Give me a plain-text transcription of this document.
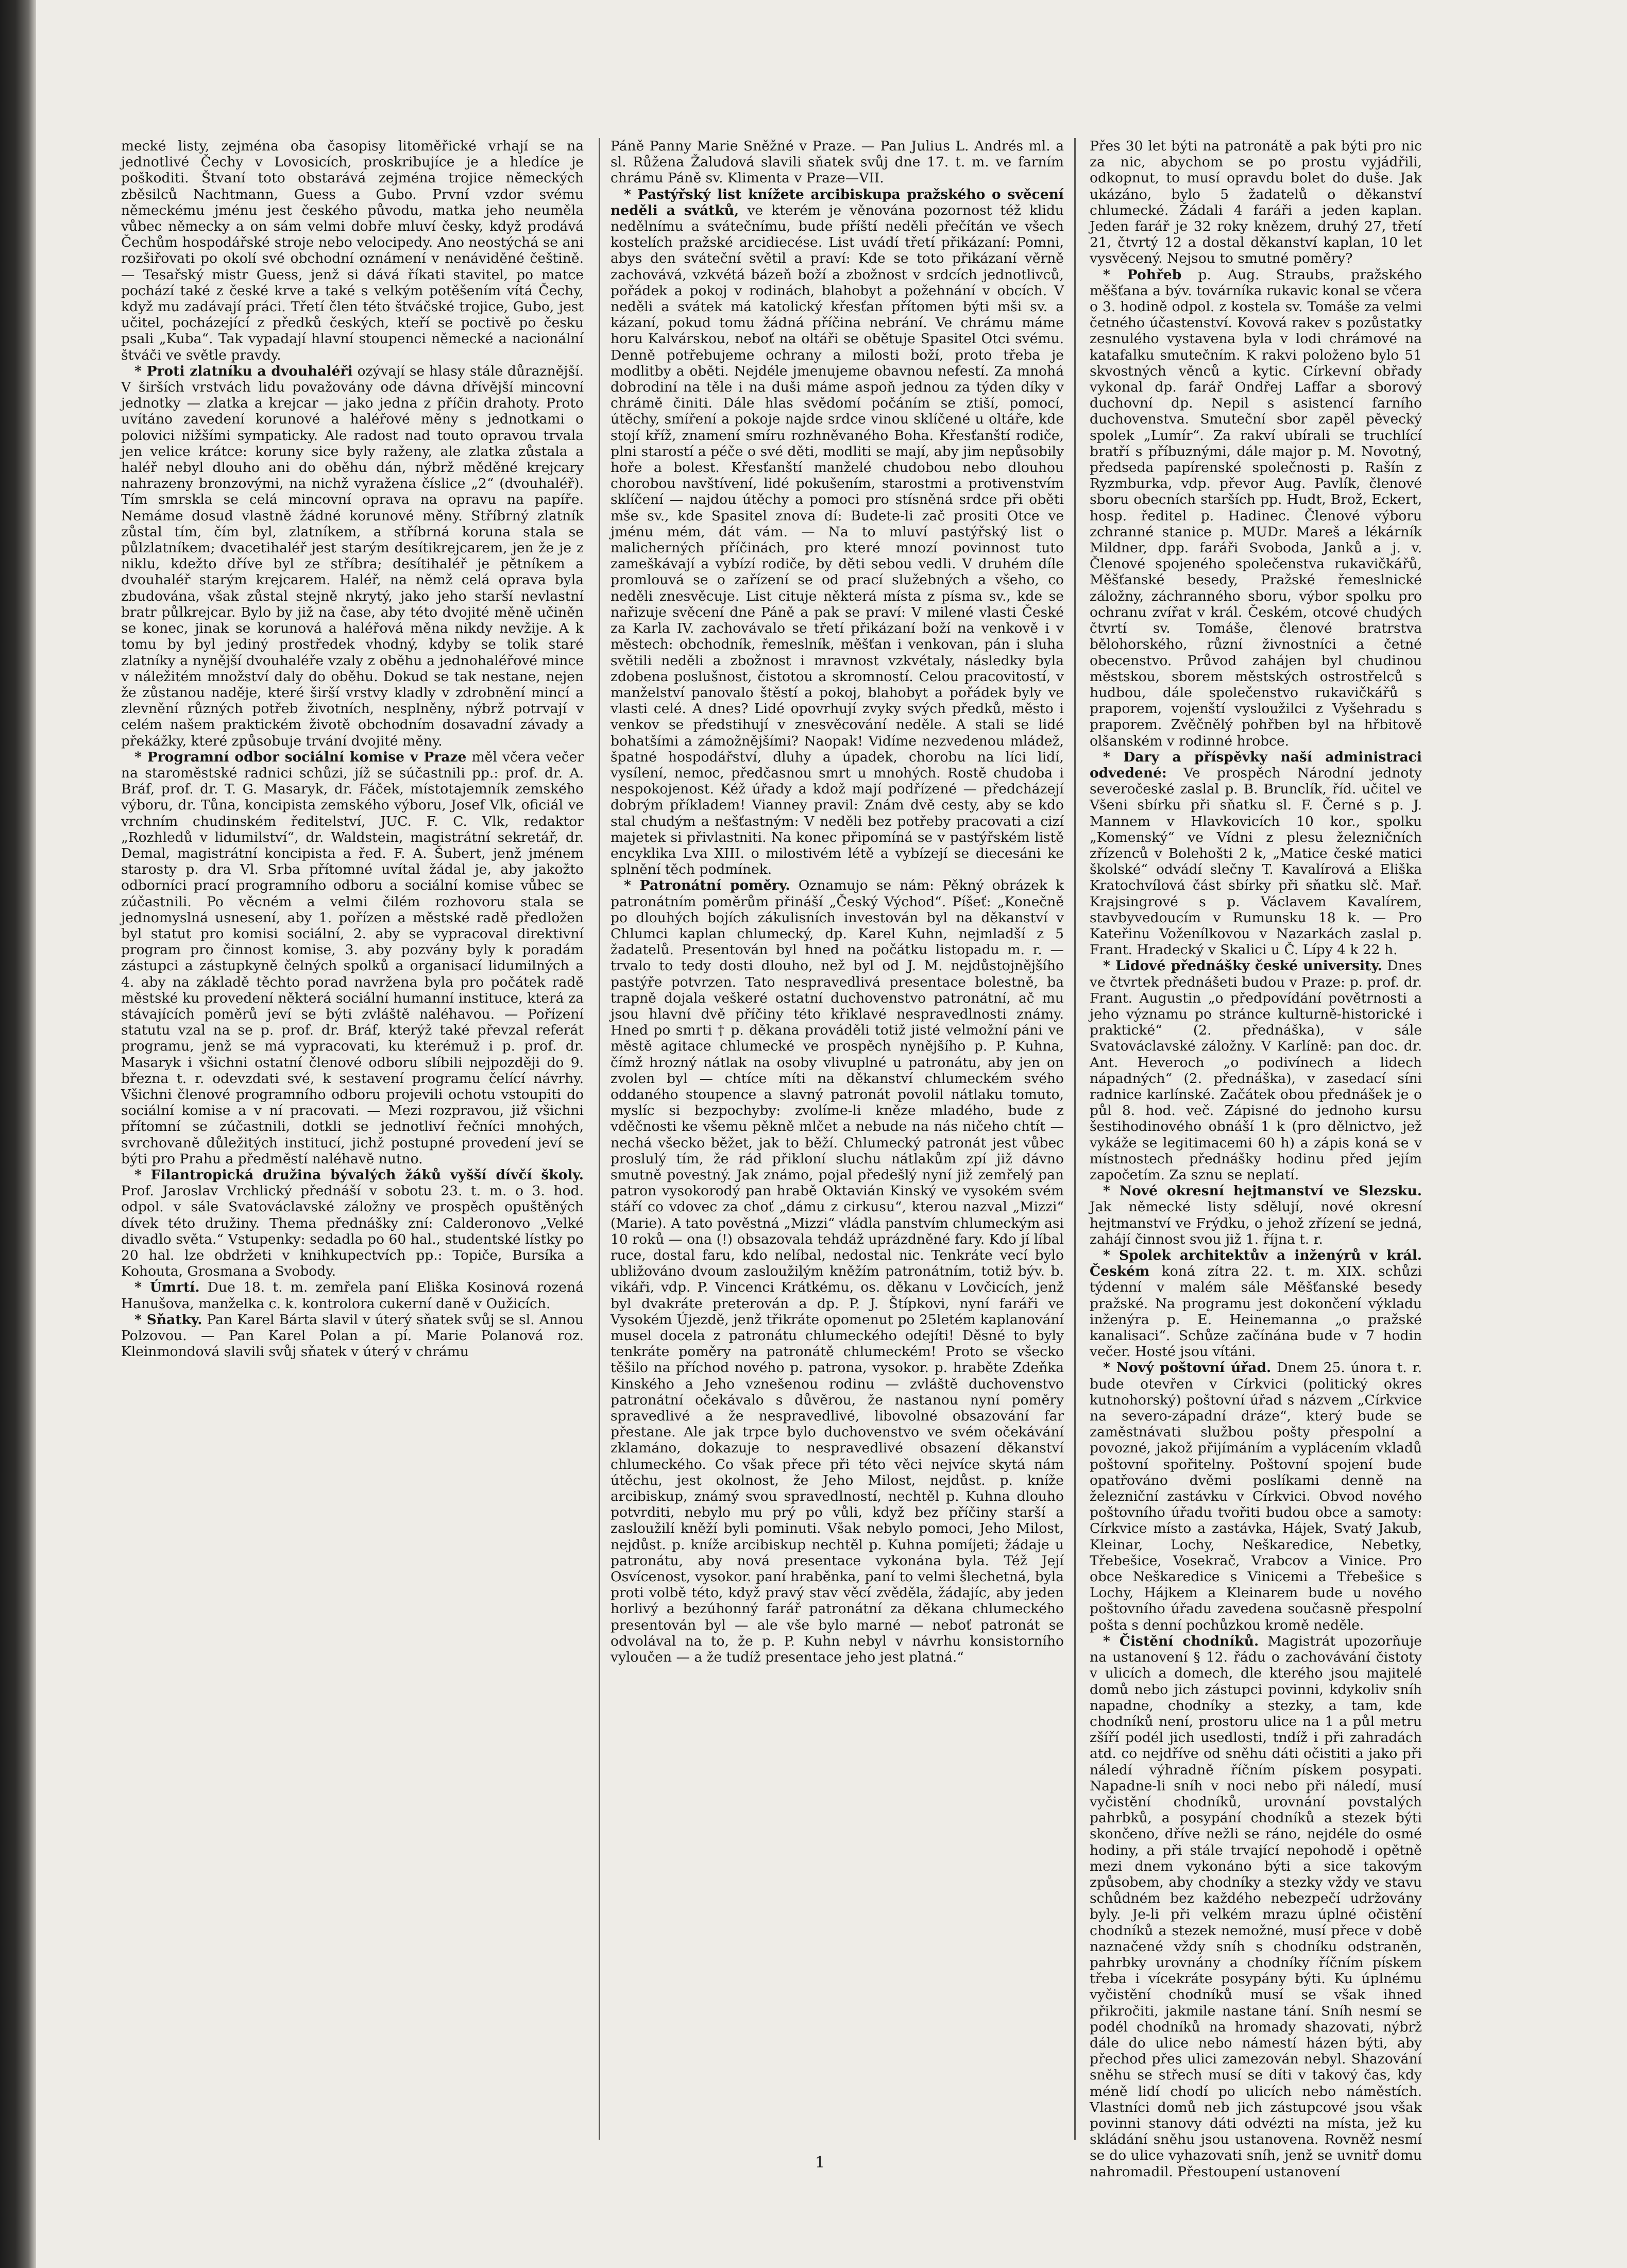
mecké listy, zejména oba časopisy litoměřické vrhají se na jednotlivé Čechy v Lovosicích, proskribujíce je a hledíce je poškoditi. Štvaní toto obstarává zejména trojice německých zběsilců Nachtmann, Guess a Gubo. První vzdor svému německému jménu jest českého původu, matka jeho neuměla vůbec německy a on sám velmi dobře mluví česky, když prodává Čechům hospodářské stroje nebo velocipedy. Ano neostýchá se ani rozšiřovati po okolí své obchodní oznámení v nenáviděné češtině. — Tesařský mistr Guess, jenž si dává říkati stavitel, po matce pochází také z české krve a také s velkým potěšením vítá Čechy, když mu zadávají práci. Třetí člen této štváčské trojice, Gubo, jest učitel, pocházející z předků českých, kteří se poctivě po česku psali „Kuba“. Tak vypadají hlavní stoupenci německé a nacionální štváči ve světle pravdy.

* Proti zlatníku a dvouhaléři ozývají se hlasy stále důraznější. V širších vrstvách lidu považovány ode dávna dřívější mincovní jednotky — zlatka a krejcar — jako jedna z příčin drahoty. Proto uvítáno zavedení korunové a haléřové měny s jednotkami o polovici nižšími sympaticky. Ale radost nad touto opravou trvala jen velice krátce: koruny sice byly raženy, ale zlatka zůstala a haléř nebyl dlouho ani do oběhu dán, nýbrž měděné krejcary nahrazeny bronzovými, na nichž vyražena číslice „2“ (dvouhaléř). Tím smrskla se celá mincovní oprava na opravu na papíře. Nemáme dosud vlastně žádné korunové měny. Stříbrný zlatník zůstal tím, čím byl, zlatníkem, a stříbrná koruna stala se půlzlatníkem; dvacetihaléř jest starým desítikrejcarem, jen že je z niklu, kdežto dříve byl ze stříbra; desítihaléř je pětníkem a dvouhaléř starým krejcarem. Haléř, na němž celá oprava byla zbudována, však zůstal stejně nkrytý, jako jeho starší nevlastní bratr půlkrejcar. Bylo by již na čase, aby této dvojité měně učiněn se konec, jinak se korunová a haléřová měna nikdy nevžije. A k tomu by byl jediný prostředek vhodný, kdyby se tolik staré zlatníky a nynější dvouhaléře vzaly z oběhu a jednohaléřové mince v náležitém množství daly do oběhu. Dokud se tak nestane, nejen že zůstanou naděje, které širší vrstvy kladly v zdrobnění mincí a zlevnění různých potřeb životních, nesplněny, nýbrž potrvají v celém našem praktickém životě obchodním dosavadní závady a překážky, které způsobuje trvání dvojité měny.

* Programní odbor sociální komise v Praze měl včera večer na staroměstské radnici schůzi, jíž se súčastnili pp.: prof. dr. A. Bráf, prof. dr. T. G. Masaryk, dr. Fáček, místotajemník zemského výboru, dr. Tůna, koncipista zemského výboru, Josef Vlk, oficiál ve vrchním chudinském ředitelství, JUC. F. C. Vlk, redaktor „Rozhledů v lidumilství“, dr. Waldstein, magistrátní sekretář, dr. Demal, magistrátní koncipista a řed. F. A. Šubert, jenž jménem starosty p. dra Vl. Srba přítomné uvítal žádal je, aby jakožto odborníci prací programního odboru a sociální komise vůbec se zúčastnili. Po věcném a velmi čilém rozhovoru stala se jednomyslná usnesení, aby 1. pořízen a městské radě předložen byl statut pro komisi sociální, 2. aby se vypracoval direktivní program pro činnost komise, 3. aby pozvány byly k poradám zástupci a zástupkyně čelných spolků a organisací lidumilných a 4. aby na základě těchto porad navržena byla pro počátek radě městské ku provedení některá sociální humanní instituce, která za stávajících poměrů jeví se býti zvláště naléhavou. — Pořízení statutu vzal na se p. prof. dr. Bráf, kterýž také převzal referát programu, jenž se má vypracovati, ku kterémuž i p. prof. dr. Masaryk i všichni ostatní členové odboru slíbili nejpozději do 9. března t. r. odevzdati své, k sestavení programu čelící návrhy. Všichni členové programního odboru projevili ochotu vstoupiti do sociální komise a v ní pracovati. — Mezi rozpravou, již všichni přítomní se zúčastnili, dotkli se jednotliví řečníci mnohých, svrchovaně důležitých institucí, jichž postupné provedení jeví se býti pro Prahu a předměstí naléhavě nutno.

* Filantropická družina bývalých žáků vyšší dívčí školy. Prof. Jaroslav Vrchlický přednáší v sobotu 23. t. m. o 3. hod. odpol. v sále Svatováclavské záložny ve prospěch opuštěných dívek této družiny. Thema přednášky zní: Calderonovo „Velké divadlo světa.“ Vstupenky: sedadla po 60 hal., studentské lístky po 20 hal. lze obdržeti v knihkupectvích pp.: Topiče, Bursíka a Kohouta, Grosmana a Svobody.

* Úmrtí. Due 18. t. m. zemřela paní Eliška Kosinová rozená Hanušova, manželka c. k. kontrolora cukerní daně v Oužicích.

* Sňatky. Pan Karel Bárta slavil v úterý sňatek svůj se sl. Annou Polzovou. — Pan Karel Polan a pí. Marie Polanová roz. Kleinmondová slavili svůj sňatek v úterý v chrámu

Páně Panny Marie Sněžné v Praze. — Pan Julius L. Andrés ml. a sl. Růžena Žaludová slavili sňatek svůj dne 17. t. m. ve farním chrámu Páně sv. Klimenta v Praze—VII.

* Pastýřský list knížete arcibiskupa pražského o svěcení neděli a svátků, ve kterém je věnována pozornost též klidu nedělnímu a svátečnímu, bude příští neděli přečítán ve všech kostelích pražské arcidiecése. List uvádí třetí přikázaní: Pomni, abys den sváteční světil a praví: Kde se toto přikázaní věrně zachovává, vzkvétá bázeň boží a zbožnost v srdcích jednotlivců, pořádek a pokoj v rodinách, blahobyt a požehnání v obcích. V neděli a svátek má katolický křesťan přítomen býti mši sv. a kázaní, pokud tomu žádná příčina nebrání. Ve chrámu máme horu Kalvárskou, neboť na oltáři se obětuje Spasitel Otci svému. Denně potřebujeme ochrany a milosti boží, proto třeba je modlitby a oběti. Nejdéle jmenujeme obavnou nefestí. Za mnohá dobrodiní na těle i na duši máme aspoň jednou za týden díky v chrámě činiti. Dále hlas svědomí počáním se ztiší, pomocí, útěchy, smíření a pokoje najde srdce vinou sklíčené u oltáře, kde stojí kříž, znamení smíru rozhněvaného Boha. Křesťanští rodiče, plni starostí a péče o své děti, modliti se mají, aby jim nepůsobily hoře a bolest. Křesťanští manželé chudobou nebo dlouhou chorobou navštívení, lidé pokušením, starostmi a protivenstvím sklíčení — najdou útěchy a pomoci pro stísněná srdce při oběti mše sv., kde Spasitel znova dí: Budete-li zač prositi Otce ve jménu mém, dát vám. — Na to mluví pastýřský list o malicherných příčinách, pro které mnozí povinnost tuto zameškávají a vybízí rodiče, by děti sebou vedli. V druhém díle promlouvá se o zařízení se od prací služebných a všeho, co neděli znesvěcuje. List cituje některá místa z písma sv., kde se nařizuje svěcení dne Páně a pak se praví: V milené vlasti České za Karla IV. zachovávalo se třetí přikázaní boží na venkově i v městech: obchodník, řemeslník, měšťan i venkovan, pán i sluha světili neděli a zbožnost i mravnost vzkvétaly, následky byla zdobena poslušnost, čistotou a skromností. Celou pracovitostí, v manželství panovalo štěstí a pokoj, blahobyt a pořádek byly ve vlasti celé. A dnes? Lidé opovrhují zvyky svých předků, město i venkov se předstihují v znesvěcování neděle. A stali se lidé bohatšími a zámožnějšími? Naopak! Vidíme nezvedenou mládež, špatné hospodářství, dluhy a úpadek, chorobu na líci lidí, vysílení, nemoc, předčasnou smrt u mnohých. Rostě chudoba i nespokojenost. Kéž úřady a kdož mají podřízené — předcházejí dobrým příkladem! Vianney pravil: Znám dvě cesty, aby se kdo stal chudým a nešťastným: V neděli bez potřeby pracovati a cizí majetek si přivlastniti. Na konec připomíná se v pastýřském listě encyklika Lva XIII. o milostivém létě a vybízejí se diecesáni ke splnění těch podmínek.

* Patronátní poměry. Oznamujo se nám: Pěkný obrázek k patronátním poměrům přináší „Český Východ“. Píšeť: „Konečně po dlouhých bojích zákulisních investován byl na děkanství v Chlumci kaplan chlumecký, dp. Karel Kuhn, nejmladší z 5 žadatelů. Presentován byl hned na počátku listopadu m. r. — trvalo to tedy dosti dlouho, než byl od J. M. nejdůstojnějšího pastýře potvrzen. Tato nespravedlivá presentace bolestně, ba trapně dojala veškeré ostatní duchovenstvo patronátní, ač mu jsou hlavní dvě příčiny této křiklavé nespravedlnosti známy. Hned po smrti † p. děkana prováděli totiž jisté velmožní páni ve městě agitace chlumecké ve prospěch nynějšího p. P. Kuhna, čímž hrozný nátlak na osoby vlivuplné u patronátu, aby jen on zvolen byl — chtíce míti na děkanství chlumeckém svého oddaného stoupence a slavný patronát povolil nátlaku tomuto, myslíc si bezpochyby: zvolíme-li kněze mladého, bude z vděčnosti ke všemu pěkně mlčet a nebude na nás ničeho chtít — nechá všecko běžet, jak to běží. Chlumecký patronát jest vůbec proslulý tím, že rád přikloní sluchu nátlakům zpí již dávno smutně povestný. Jak známo, pojal předešlý nyní již zemřelý pan patron vysokorodý pan hrabě Oktavián Kinský ve vysokém svém stáří co vdovec za choť „dámu z cirkusu“, kterou nazval „Mizzi“ (Marie). A tato pověstná „Mizzi“ vládla panstvím chlumeckým asi 10 roků — ona (!) obsazovala tehdáž uprázdněné fary. Kdo jí líbal ruce, dostal faru, kdo nelíbal, nedostal nic. Tenkráte vecí bylo ubližováno dvoum zasloužilým kněžím patronátním, totiž býv. b. vikáři, vdp. P. Vincenci Krátkému, os. děkanu v Lovčicích, jenž byl dvakráte preterován a dp. P. J. Štípkovi, nyní faráři ve Vysokém Újezdě, jenž třikráte opomenut po 25letém kaplanování musel docela z patronátu chlumeckého odejíti! Děsné to byly tenkráte poměry na patronátě chlumeckém! Proto se všecko těšilo na příchod nového p. patrona, vysokor. p. hraběte Zdeňka Kinského a Jeho vznešenou rodinu — zvláště duchovenstvo patronátní očekávalo s důvěrou, že nastanou nyní poměry spravedlivé a že nespravedlivé, libovolné obsazování far přestane. Ale jak trpce bylo duchovenstvo ve svém očekávání zklamáno, dokazuje to nespravedlivé obsazení děkanství chlumeckého. Co však přece při této věci nejvíce skytá nám útěchu, jest okolnost, že Jeho Milost, nejdůst. p. kníže arcibiskup, známý svou spravedlností, nechtěl p. Kuhna dlouho potvrditi, nebylo mu prý po vůli, když bez příčiny starší a zasloužilí kněží byli pominuti. Však nebylo pomoci, Jeho Milost, nejdůst. p. kníže arcibiskup nechtěl p. Kuhna pomíjeti; žádaje u patronátu, aby nová presentace vykonána byla. Též Její Osvícenost, vysokor. paní hraběnka, paní to velmi šlechetná, byla proti volbě této, když pravý stav věcí zvěděla, žádajíc, aby jeden horlivý a bezúhonný farář patronátní za děkana chlumeckého presentován byl — ale vše bylo marné — neboť patronát se odvolával na to, že p. P. Kuhn nebyl v návrhu konsistorního vyloučen — a že tudíž presentace jeho jest platná.“

Přes 30 let býti na patronátě a pak býti pro nic za nic, abychom se po prostu vyjádřili, odkopnut, to musí opravdu bolet do duše. Jak ukázáno, bylo 5 žadatelů o děkanství chlumecké. Žádali 4 faráři a jeden kaplan. Jeden farář je 32 roky knězem, druhý 27, třetí 21, čtvrtý 12 a dostal děkanství kaplan, 10 let vysvěcený. Nejsou to smutné poměry?

* Pohřeb p. Aug. Straubs, pražského měšťana a býv. továrníka rukavic konal se včera o 3. hodině odpol. z kostela sv. Tomáše za velmi četného účastenství. Kovová rakev s pozůstatky zesnulého vystavena byla v lodi chrámové na katafalku smutečním. K rakvi položeno bylo 51 skvostných věnců a kytic. Církevní obřady vykonal dp. farář Ondřej Laffar a sborový duchovní dp. Nepil s asistencí farního duchovenstva. Smuteční sbor zapěl pěvecký spolek „Lumír“. Za rakví ubírali se truchlící bratří s příbuznými, dále major p. M. Novotný, předseda papírenské společnosti p. Rašín z Ryzmburka, vdp. převor Aug. Pavlík, členové sboru obecních starších pp. Hudt, Brož, Eckert, hosp. ředitel p. Hadinec. Členové výboru zchranné stanice p. MUDr. Mareš a lékárník Mildner, dpp. faráři Svoboda, Janků a j. v. Členové spojeného společenstva rukavičkářů, Měšťanské besedy, Pražské řemeslnické záložny, záchranného sboru, výbor spolku pro ochranu zvířat v král. Českém, otcové chudých čtvrtí sv. Tomáše, členové bratrstva bělohorského, různí živnostníci a četné obecenstvo. Průvod zahájen byl chudinou městskou, sborem městských ostrostřelců s hudbou, dále společenstvo rukavičkářů s praporem, vojenští vysloužilci z Vyšehradu s praporem. Zvěčnělý pohřben byl na hřbitově olšanském v rodinné hrobce.

* Dary a příspěvky naší administraci odvedené: Ve prospěch Národní jednoty severočeské zaslal p. B. Brunclík, říd. učitel ve Všeni sbírku při sňatku sl. F. Černé s p. J. Mannem v Hlavkovicích 10 kor., spolku „Komenský“ ve Vídni z plesu železničních zřízenců v Bolehošti 2 k, „Matice české matici školské“ odvádí slečny T. Kavalírová a Eliška Kratochvílová část sbírky při sňatku slč. Mař. Krajsingrové s p. Václavem Kavalírem, stavbyvedoucím v Rumunsku 18 k. — Pro Kateřinu Voženílkovou v Nazarkách zaslal p. Frant. Hradecký v Skalici u Č. Lípy 4 k 22 h.

* Lidové přednášky české university. Dnes ve čtvrtek přednášeti budou v Praze: p. prof. dr. Frant. Augustin „o předpovídání povětrnosti a jeho významu po stránce kulturně-historické i praktické“ (2. přednáška), v sále Svatováclavské záložny. V Karlíně: pan doc. dr. Ant. Heveroch „o podivínech a lidech nápadných“ (2. přednáška), v zasedací síni radnice karlínské. Začátek obou přednášek je o půl 8. hod. več. Zápisné do jednoho kursu šestihodinového obnáší 1 k (pro dělnictvo, jež vykáže se legitimacemi 60 h) a zápis koná se v místnostech přednášky hodinu před jejím započetím. Za sznu se neplatí.

* Nové okresní hejtmanství ve Slezsku. Jak německé listy sdělují, nové okresní hejtmanství ve Frýdku, o jehož zřízení se jedná, zahájí činnost svou již 1. října t. r.

* Spolek architektův a inženýrů v král. Českém koná zítra 22. t. m. XIX. schůzi týdenní v malém sále Měšťanské besedy pražské. Na programu jest dokončení výkladu inženýra p. E. Heinemanna „o pražské kanalisaci“. Schůze začínána bude v 7 hodin večer. Hosté jsou vítáni.

* Nový poštovní úřad. Dnem 25. února t. r. bude otevřen v Církvici (politický okres kutnohorský) poštovní úřad s názvem „Církvice na severo-západní dráze“, který bude se zaměstnávati službou pošty přespolní a povozné, jakož přijímáním a vyplácením vkladů poštovní spořitelny. Poštovní spojení bude opatřováno dvěmi poslíkami denně na železniční zastávku v Církvici. Obvod nového poštovního úřadu tvořiti budou obce a samoty: Církvice místo a zastávka, Hájek, Svatý Jakub, Kleinar, Lochy, Neškaredice, Nebetky, Třebešice, Vosekrač, Vrabcov a Vinice. Pro obce Neškaredice s Vinicemi a Třebešice s Lochy, Hájkem a Kleinarem bude u nového poštovního úřadu zavedena současně přespolní pošta s denní pochůzkou kromě neděle.

* Čistění chodníků. Magistrát upozorňuje na ustanovení § 12. řádu o zachovávání čistoty v ulicích a domech, dle kterého jsou majitelé domů nebo jich zástupci povinni, kdykoliv sníh napadne, chodníky a stezky, a tam, kde chodníků není, prostoru ulice na 1 a půl metru zšíří podél jich usedlosti, tndíž i při zahradách atd. co nejdříve od sněhu dáti očistiti a jako při náledí výhradně říčním pískem posypati. Napadne-li sníh v noci nebo při náledí, musí vyčistění chodníků, urovnání povstalých pahrbků, a posypání chodníků a stezek býti skončeno, dříve nežli se ráno, nejdéle do osmé hodiny, a při stále trvající nepohodě i opětně mezi dnem vykonáno býti a sice takovým způsobem, aby chodníky a stezky vždy ve stavu schůdném bez každého nebezpečí udržovány byly. Je-li při velkém mrazu úplné očistění chodníků a stezek nemožné, musí přece v době naznačené vždy sníh s chodníku odstraněn, pahrbky urovnány a chodníky říčním pískem třeba i vícekráte posypány býti. Ku úplnému vyčistění chodníků musí se však ihned přikročiti, jakmile nastane tání. Sníh nesmí se podél chodníků na hromady shazovati, nýbrž dále do ulice nebo námestí házen býti, aby přechod přes ulici zamezován nebyl. Shazování sněhu se střech musí se díti v takový čas, kdy méně lidí chodí po ulicích nebo náměstích. Vlastníci domů neb jich zástupcové jsou však povinni stanovy dáti odvézti na místa, jež ku skládání sněhu jsou ustanovena. Rovněž nesmí se do ulice vyhazovati sníh, jenž se uvnitř domu nahromadil. Přestoupení ustanovení

1
